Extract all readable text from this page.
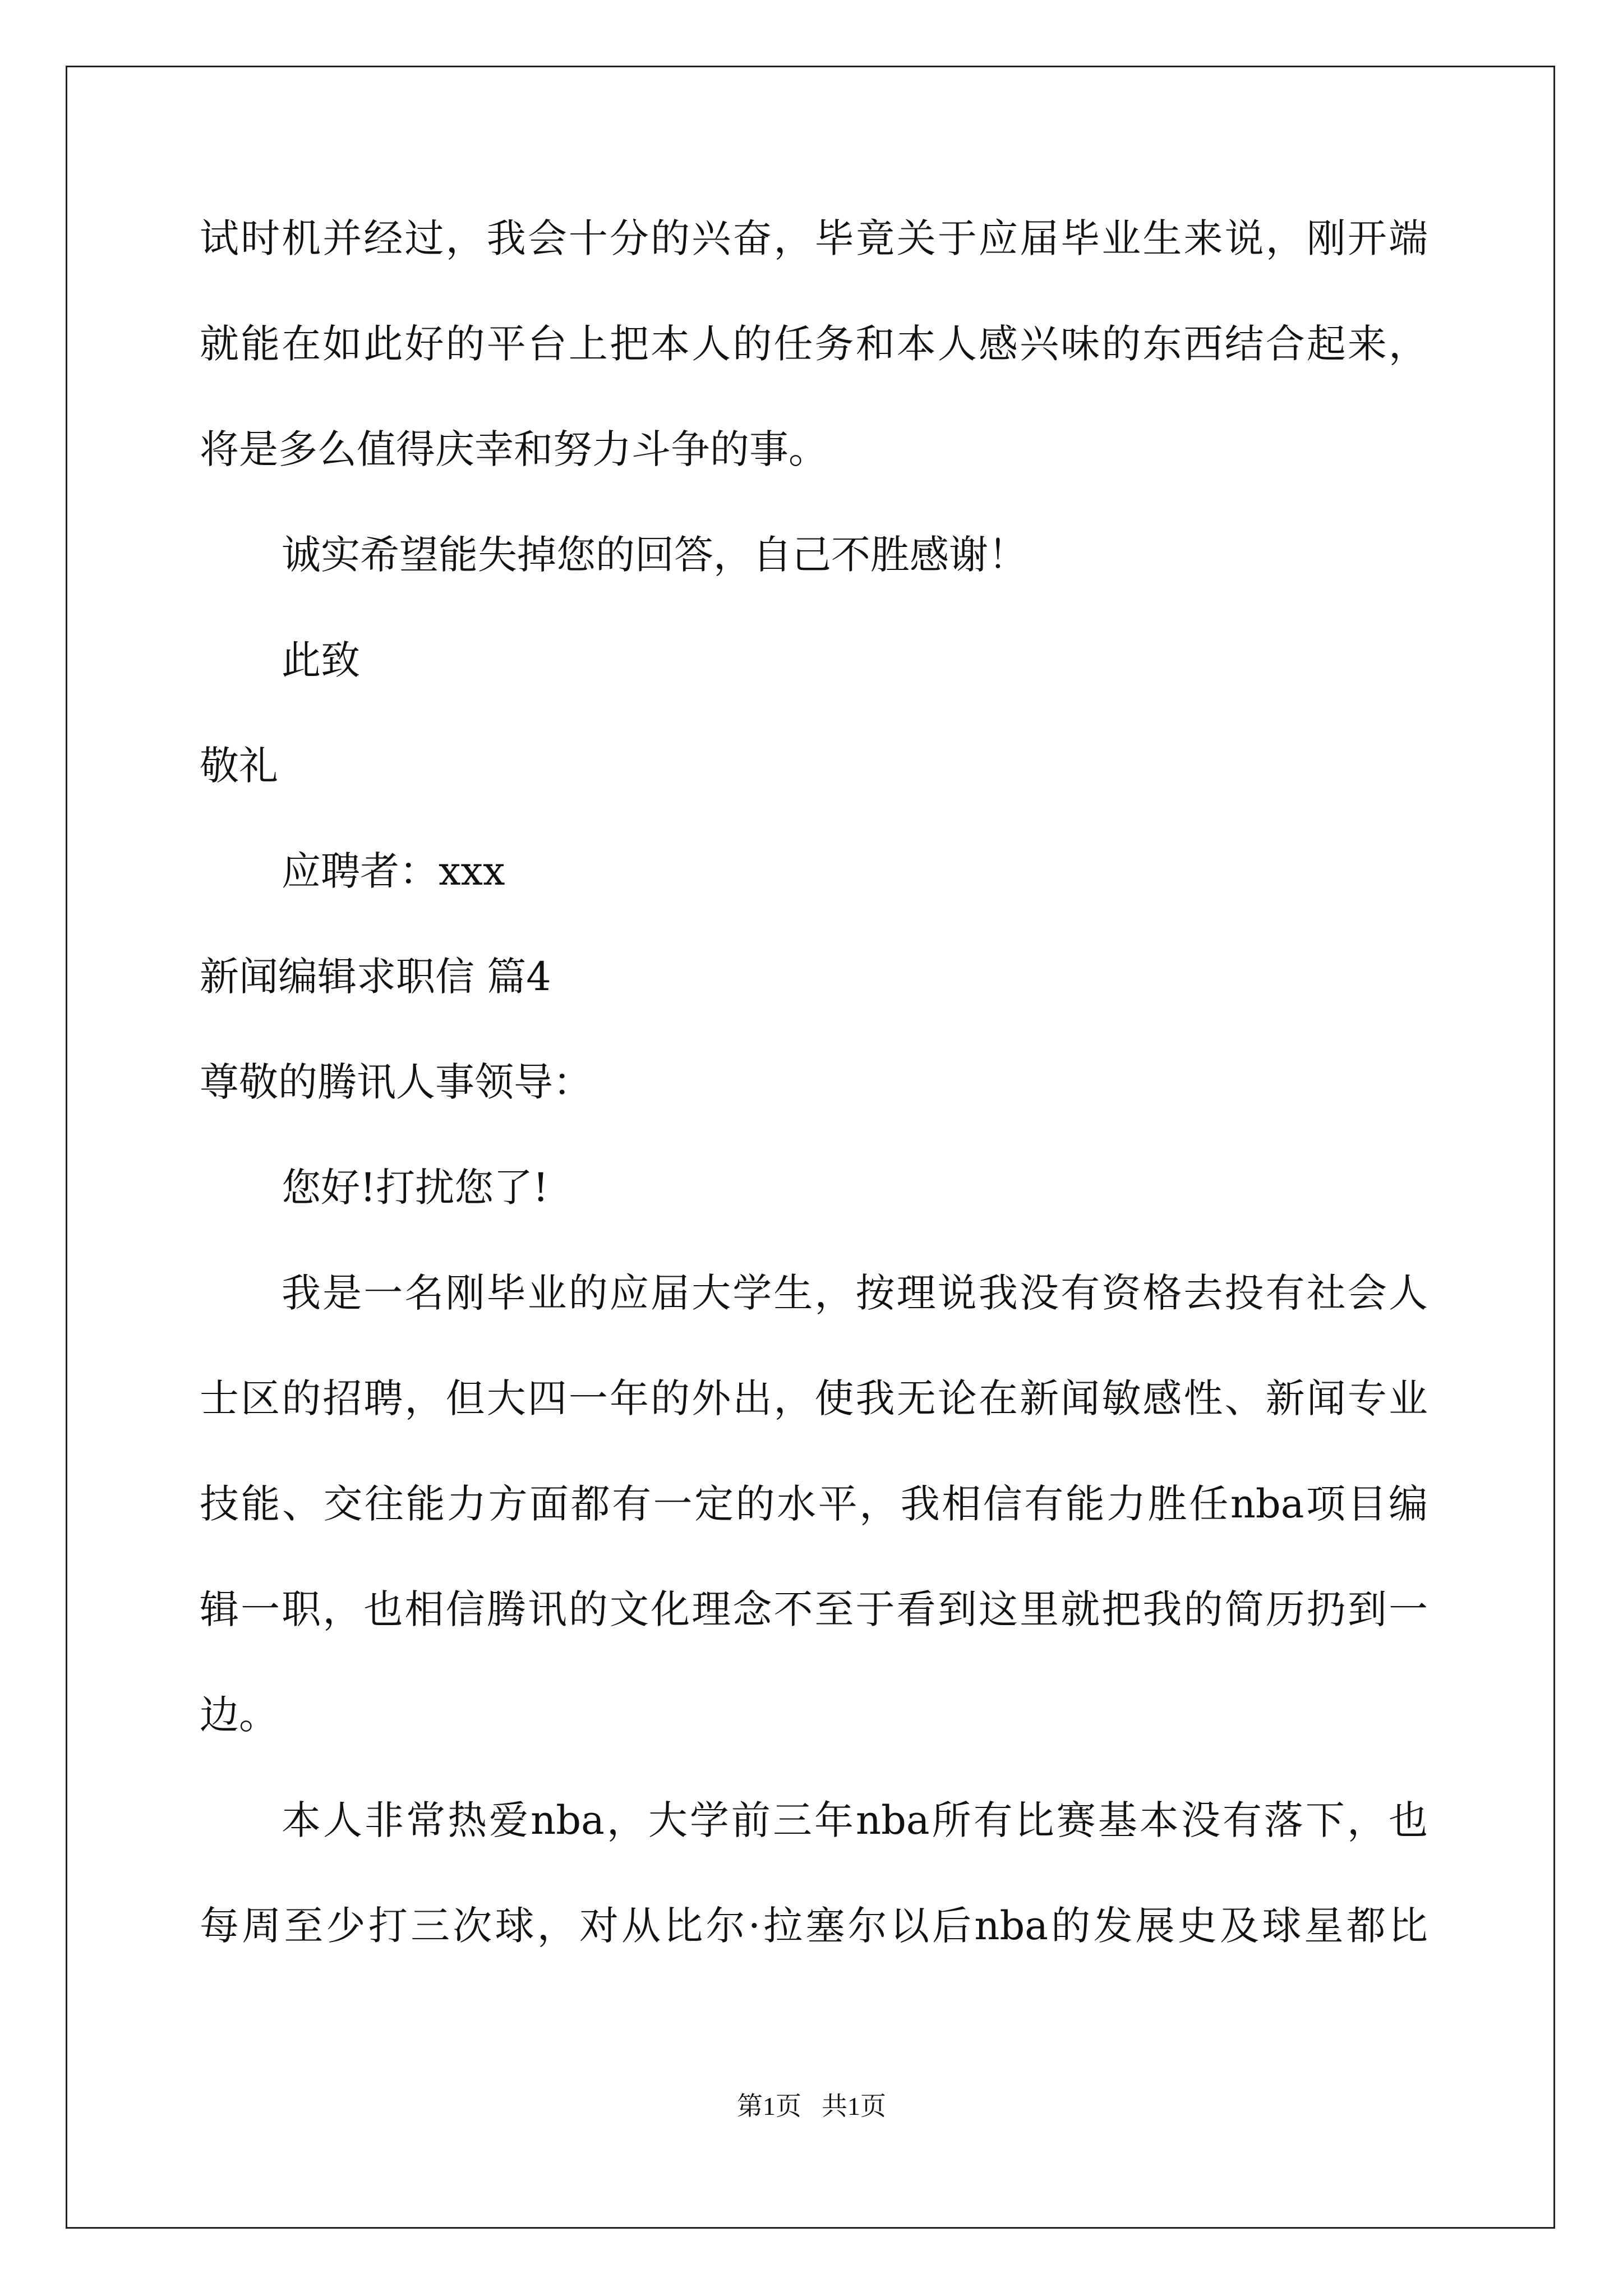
试时机并经过，我会十分的兴奋，毕竟关于应届毕业生来说，刚开端
就能在如此好的平台上把本人的任务和本人感兴味的东西结合起来，
将是多么值得庆幸和努力斗争的事。
诚实希望能失掉您的回答，自己不胜感谢！
此致
敬礼
应聘者：xxx
新闻编辑求职信 篇4
尊敬的腾讯人事领导：
您好!打扰您了!
我是一名刚毕业的应届大学生，按理说我没有资格去投有社会人
士区的招聘，但大四一年的外出，使我无论在新闻敏感性、新闻专业
技能、交往能力方面都有一定的水平，我相信有能力胜任nba项目编
辑一职，也相信腾讯的文化理念不至于看到这里就把我的简历扔到一
边。
本人非常热爱nba，大学前三年nba所有比赛基本没有落下，也
每周至少打三次球，对从比尔·拉塞尔以后nba的发展史及球星都比
第1页 共1页
